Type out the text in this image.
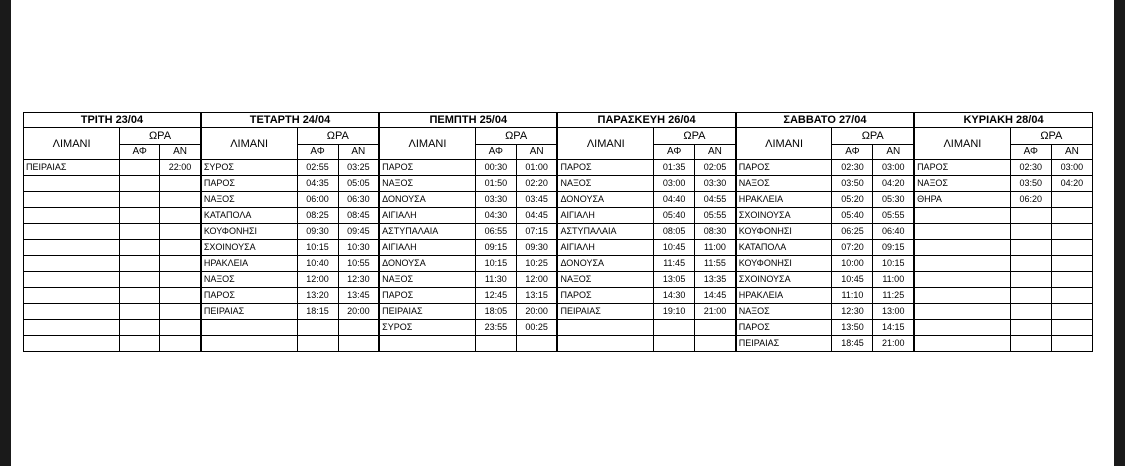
ΤΡΙΤΗ 23/04			ΤΕΤΑΡΤΗ 24/04			ΠΕΜΠΤΗ 25/04			ΠΑΡΑΣΚΕΥΗ 26/04			ΣΑΒΒΑΤΟ 27/04			ΚΥΡΙΑΚΗ 28/04		
ΛΙΜΑΝΙ	ΩΡΑ		ΛΙΜΑΝΙ	ΩΡΑ		ΛΙΜΑΝΙ	ΩΡΑ		ΛΙΜΑΝΙ	ΩΡΑ		ΛΙΜΑΝΙ	ΩΡΑ		ΛΙΜΑΝΙ	ΩΡΑ	
	ΑΦ	ΑΝ		ΑΦ	ΑΝ		ΑΦ	ΑΝ		ΑΦ	ΑΝ		ΑΦ	ΑΝ		ΑΦ	ΑΝ
ΠΕΙΡΑΙΑΣ		22:00	ΣΥΡΟΣ	02:55	03:25	ΠΑΡΟΣ	00:30	01:00	ΠΑΡΟΣ	01:35	02:05	ΠΑΡΟΣ	02:30	03:00	ΠΑΡΟΣ	02:30	03:00
			ΠΑΡΟΣ	04:35	05:05	ΝΑΞΟΣ	01:50	02:20	ΝΑΞΟΣ	03:00	03:30	ΝΑΞΟΣ	03:50	04:20	ΝΑΞΟΣ	03:50	04:20
			ΝΑΞΟΣ	06:00	06:30	ΔΟΝΟΥΣΑ	03:30	03:45	ΔΟΝΟΥΣΑ	04:40	04:55	ΗΡΑΚΛΕΙΑ	05:20	05:30	ΘΗΡΑ	06:20	
			ΚΑΤΑΠΟΛΑ	08:25	08:45	ΑΙΓΙΑΛΗ	04:30	04:45	ΑΙΓΙΑΛΗ	05:40	05:55	ΣΧΟΙΝΟΥΣΑ	05:40	05:55			
			ΚΟΥΦΟΝΗΣΙ	09:30	09:45	ΑΣΤΥΠΑΛΑΙΑ	06:55	07:15	ΑΣΤΥΠΑΛΑΙΑ	08:05	08:30	ΚΟΥΦΟΝΗΣΙ	06:25	06:40			
			ΣΧΟΙΝΟΥΣΑ	10:15	10:30	ΑΙΓΙΑΛΗ	09:15	09:30	ΑΙΓΙΑΛΗ	10:45	11:00	ΚΑΤΑΠΟΛΑ	07:20	09:15			
			ΗΡΑΚΛΕΙΑ	10:40	10:55	ΔΟΝΟΥΣΑ	10:15	10:25	ΔΟΝΟΥΣΑ	11:45	11:55	ΚΟΥΦΟΝΗΣΙ	10:00	10:15			
			ΝΑΞΟΣ	12:00	12:30	ΝΑΞΟΣ	11:30	12:00	ΝΑΞΟΣ	13:05	13:35	ΣΧΟΙΝΟΥΣΑ	10:45	11:00			
			ΠΑΡΟΣ	13:20	13:45	ΠΑΡΟΣ	12:45	13:15	ΠΑΡΟΣ	14:30	14:45	ΗΡΑΚΛΕΙΑ	11:10	11:25			
			ΠΕΙΡΑΙΑΣ	18:15	20:00	ΠΕΙΡΑΙΑΣ	18:05	20:00	ΠΕΙΡΑΙΑΣ	19:10	21:00	ΝΑΞΟΣ	12:30	13:00			
						ΣΥΡΟΣ	23:55	00:25				ΠΑΡΟΣ	13:50	14:15			
												ΠΕΙΡΑΙΑΣ	18:45	21:00			
